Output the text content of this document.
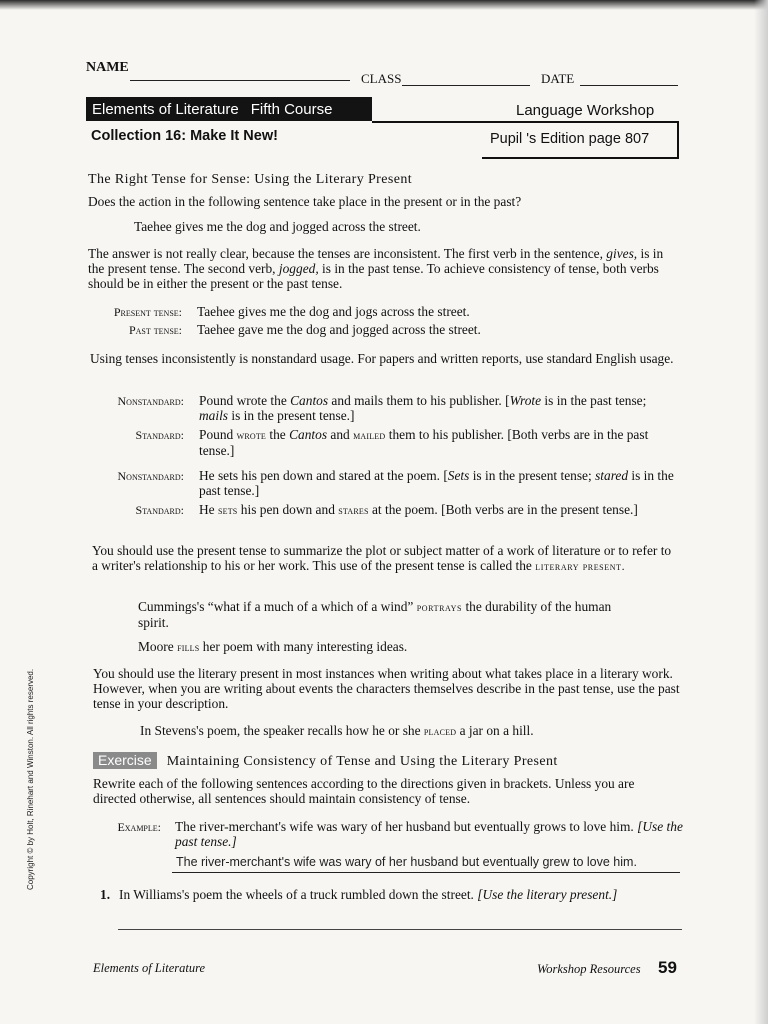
NAME
CLASS	DATE
Elements of Literature Fifth Course	Language Workshop
Collection 16: Make It New!	Pupil 's Edition page 807
The Right Tense for Sense: Using the Literary Present
Does the action in the following sentence take place in the present or in the past?
Taehee gives me the dog and jogged across the street.
The answer is not really clear, because the tenses are inconsistent. The first verb in the sentence, gives, is in the present tense. The second verb, jogged, is in the past tense. To achieve consistency of tense, both verbs should be in either the present or the past tense.
Present tense: Taehee gives me the dog and jogs across the street.
Past tense: Taehee gave me the dog and jogged across the street.
Using tenses inconsistently is nonstandard usage. For papers and written reports, use standard English usage.
Nonstandard: Pound wrote the Cantos and mails them to his publisher. [Wrote is in the past tense; mails is in the present tense.]
Standard: Pound wrote the Cantos and mailed them to his publisher. [Both verbs are in the past tense.]
Nonstandard: He sets his pen down and stared at the poem. [Sets is in the present tense; stared is in the past tense.]
Standard: He sets his pen down and stares at the poem. [Both verbs are in the present tense.]
You should use the present tense to summarize the plot or subject matter of a work of literature or to refer to a writer's relationship to his or her work. This use of the present tense is called the literary present.
Cummings's “what if a much of a which of a wind” portrays the durability of the human spirit.
Moore fills her poem with many interesting ideas.
You should use the literary present in most instances when writing about what takes place in a literary work. However, when you are writing about events the characters themselves describe in the past tense, use the past tense in your description.
In Stevens's poem, the speaker recalls how he or she placed a jar on a hill.
Exercise Maintaining Consistency of Tense and Using the Literary Present
Rewrite each of the following sentences according to the directions given in brackets. Unless you are directed otherwise, all sentences should maintain consistency of tense.
Example: The river-merchant's wife was wary of her husband but eventually grows to love him. [Use the past tense.]
The river-merchant's wife was wary of her husband but eventually grew to love him.
1. In Williams's poem the wheels of a truck rumbled down the street. [Use the literary present.]
Elements of Literature	Workshop Resources 59
Copyright © by Holt, Rinehart and Winston. All rights reserved.
